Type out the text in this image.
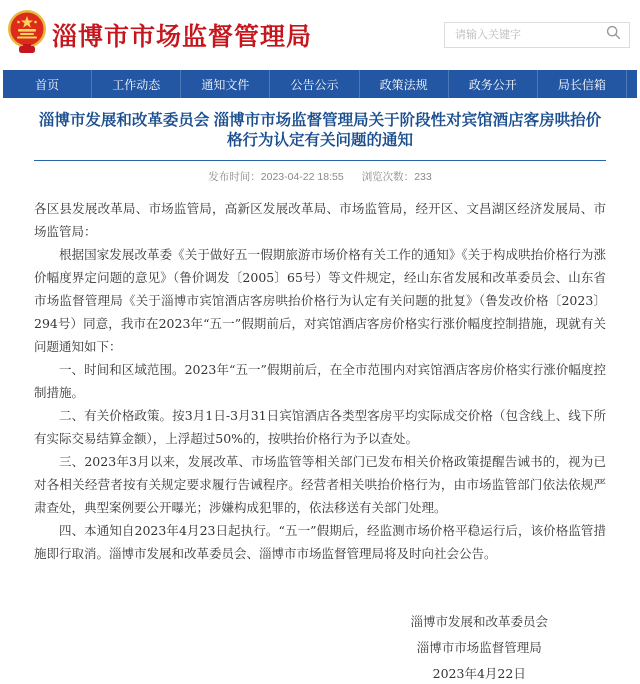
淄博市市场监督管理局
请输入关键字
首页	工作动态	通知文件	公告公示	政策法规	政务公开	局长信箱
淄博市发展和改革委员会 淄博市市场监督管理局关于阶段性对宾馆酒店客房哄抬价格行为认定有关问题的通知
发布时间：2023-04-22 18:55 浏览次数：233

各区县发展改革局、市场监管局，高新区发展改革局、市场监管局，经开区、文昌湖区经济发展局、市场监管局：

根据国家发展改革委《关于做好五一假期旅游市场价格有关工作的通知》《关于构成哄抬价格行为涨价幅度界定问题的意见》（鲁价调发〔2005〕65号）等文件规定，经山东省发展和改革委员会、山东省市场监督管理局《关于淄博市宾馆酒店客房哄抬价格行为认定有关问题的批复》（鲁发改价格〔2023〕294号）同意，我市在2023年“五一”假期前后，对宾馆酒店客房价格实行涨价幅度控制措施，现就有关问题通知如下：

一、时间和区域范围。2023年“五一”假期前后，在全市范围内对宾馆酒店客房价格实行涨价幅度控制措施。

二、有关价格政策。按3月1日-3月31日宾馆酒店各类型客房平均实际成交价格（包含线上、线下所有实际交易结算金额），上浮超过50%的，按哄抬价格行为予以查处。

三、2023年3月以来，发展改革、市场监管等相关部门已发布相关价格政策提醒告诫书的，视为已对各相关经营者按有关规定要求履行告诫程序。经营者相关哄抬价格行为，由市场监管部门依法依规严肃查处，典型案例要公开曝光；涉嫌构成犯罪的，依法移送有关部门处理。

四、本通知自2023年4月23日起执行。“五一”假期后，经监测市场价格平稳运行后，该价格监管措施即行取消。淄博市发展和改革委员会、淄博市市场监督管理局将及时向社会公告。

淄博市发展和改革委员会
淄博市市场监督管理局
2023年4月22日
